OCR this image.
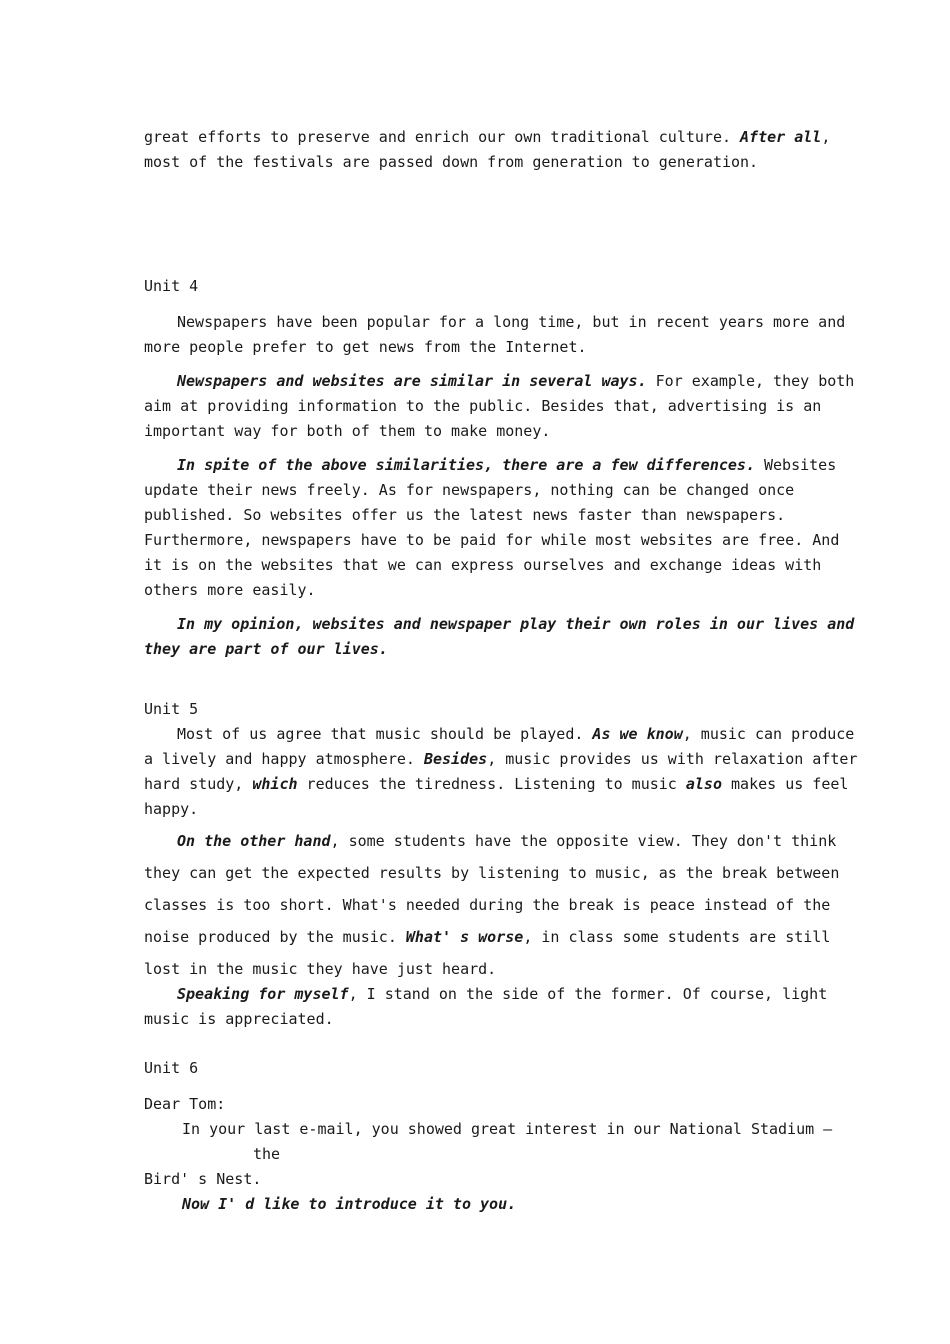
great efforts to preserve and enrich our own traditional culture. After all,
most of the festivals are passed down from generation to generation.
Unit 4
Newspapers have been popular for a long time, but in recent years more and
more people prefer to get news from the Internet.
Newspapers and websites are similar in several ways. For example, they both
aim at providing information to the public. Besides that, advertising is an
important way for both of them to make money.
In spite of the above similarities, there are a few differences. Websites
update their news freely. As for newspapers, nothing can be changed once
published. So websites offer us the latest news faster than newspapers.
Furthermore, newspapers have to be paid for while most websites are free. And
it is on the websites that we can express ourselves and exchange ideas with
others more easily.
In my opinion, websites and newspaper play their own roles in our lives and
they are part of our lives.
Unit 5
Most of us agree that music should be played. As we know, music can produce
a lively and happy atmosphere. Besides, music provides us with relaxation after
hard study, which reduces the tiredness. Listening to music also makes us feel
happy.
On the other hand, some students have the opposite view. They don't think
they can get the expected results by listening to music, as the break between
classes is too short. What's needed during the break is peace instead of the
noise produced by the music. What' s worse, in class some students are still
lost in the music they have just heard.
Speaking for myself, I stand on the side of the former. Of course, light
music is appreciated.
Unit 6
Dear Tom:
In your last e-mail, you showed great interest in our National Stadium —
the
Bird' s Nest.
Now I' d like to introduce it to you.
